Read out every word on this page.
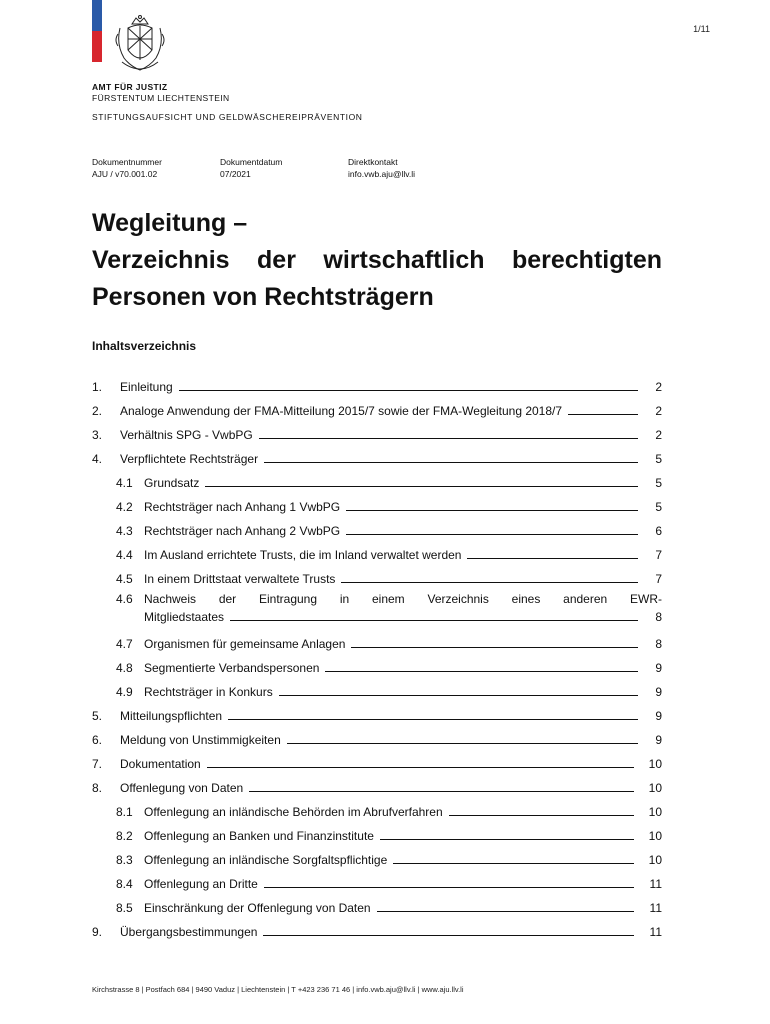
1/11
AMT FÜR JUSTIZ
FÜRSTENTUM LIECHTENSTEIN
STIFTUNGSAUFSICHT UND GELDWÄSCHEREIPRÄVENTION
Dokumentnummer
AJU / v70.001.02
Dokumentdatum
07/2021
Direktkontakt
info.vwb.aju@llv.li
Wegleitung –
Verzeichnis der wirtschaftlich berechtigten
Personen von Rechtsträgern
Inhaltsverzeichnis
1.	Einleitung	2
2.	Analoge Anwendung der FMA-Mitteilung 2015/7 sowie der FMA-Wegleitung 2018/7	2
3.	Verhältnis SPG - VwbPG	2
4.	Verpflichtete Rechtsträger	5
4.1 Grundsatz	5
4.2 Rechtsträger nach Anhang 1 VwbPG	5
4.3 Rechtsträger nach Anhang 2 VwbPG	6
4.4 Im Ausland errichtete Trusts, die im Inland verwaltet werden	7
4.5 In einem Drittstaat verwaltete Trusts	7
4.6 Nachweis der Eintragung in einem Verzeichnis eines anderen EWR-
Mitgliedstaates	8
4.7 Organismen für gemeinsame Anlagen	8
4.8 Segmentierte Verbandspersonen	9
4.9 Rechtsträger in Konkurs	9
5.	Mitteilungspflichten	9
6.	Meldung von Unstimmigkeiten	9
7.	Dokumentation	10
8.	Offenlegung von Daten	10
8.1 Offenlegung an inländische Behörden im Abrufverfahren	10
8.2 Offenlegung an Banken und Finanzinstitute	10
8.3 Offenlegung an inländische Sorgfaltspflichtige	10
8.4 Offenlegung an Dritte	11
8.5 Einschränkung der Offenlegung von Daten	11
9.	Übergangsbestimmungen	11
Kirchstrasse 8 | Postfach 684 | 9490 Vaduz | Liechtenstein | T +423 236 71 46 | info.vwb.aju@llv.li | www.aju.llv.li
